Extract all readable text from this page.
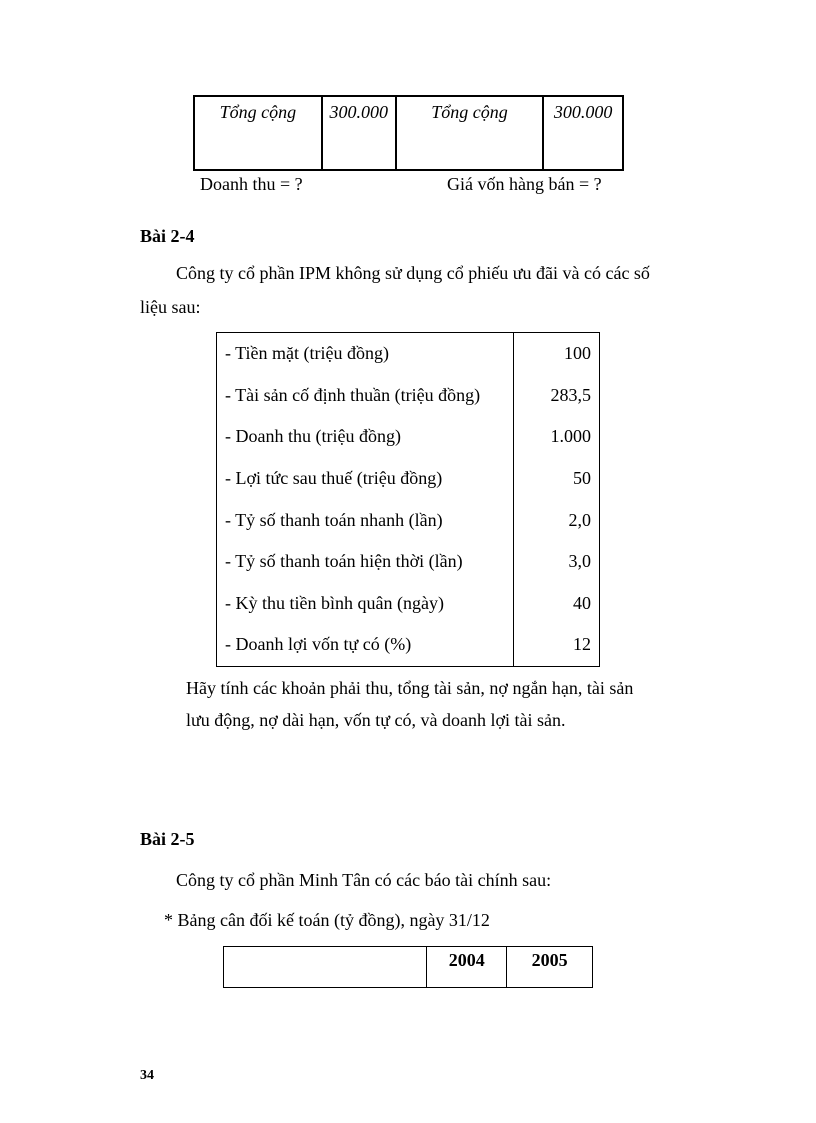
Tổng cộng	300.000	Tổng cộng	300.000
Doanh thu = ?	Giá vốn hàng bán = ?
Bài 2-4
Công ty cổ phần IPM không sử dụng cổ phiếu ưu đãi và có các số
liệu sau:
- Tiền mặt (triệu đồng)	100
- Tài sản cố định thuần (triệu đồng)	283,5
- Doanh thu (triệu đồng)	1.000
- Lợi tức sau thuế (triệu đồng)	50
- Tỷ số thanh toán nhanh (lần)	2,0
- Tỷ số thanh toán hiện thời (lần)	3,0
- Kỳ thu tiền bình quân (ngày)	40
- Doanh lợi vốn tự có (%)	12
Hãy tính các khoản phải thu, tổng tài sản, nợ ngắn hạn, tài sản
lưu động, nợ dài hạn, vốn tự có, và doanh lợi tài sản.
Bài 2-5
Công ty cổ phần Minh Tân có các báo tài chính sau:
* Bảng cân đối kế toán (tỷ đồng), ngày 31/12
	2004	2005
34
